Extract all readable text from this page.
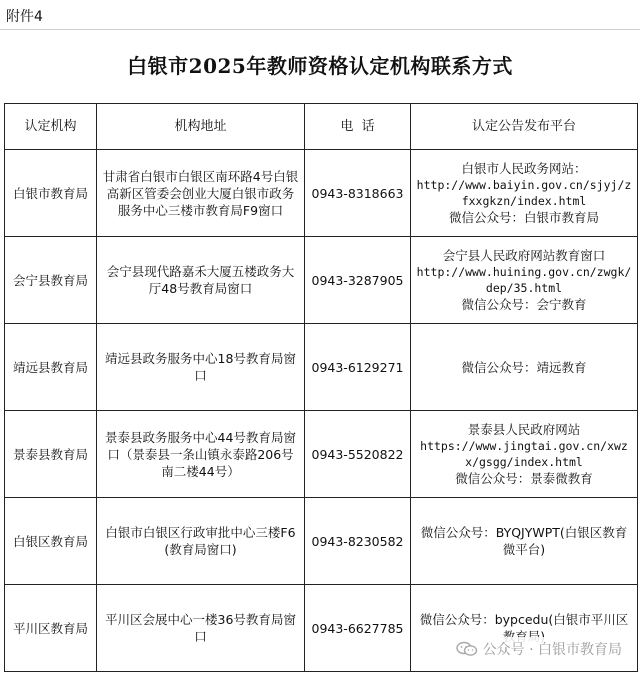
附件4
白银市2025年教师资格认定机构联系方式
认定机构	机构地址	电  话	认定公告发布平台
白银市教育局	甘肃省白银市白银区南环路4号白银高新区管委会创业大厦白银市政务服务中心三楼市教育局F9窗口	0943-8318663	白银市人民政务网站：
http://www.baiyin.gov.cn/sjyj/zfxxgkzn/index.html
微信公众号：白银市教育局

会宁县教育局	会宁县现代路嘉禾大厦五楼政务大厅48号教育局窗口	0943-3287905	会宁县人民政府网站教育窗口
http://www.huining.gov.cn/zwgk/dep/35.html
微信公众号：会宁教育

靖远县教育局	靖远县政务服务中心18号教育局窗口	0943-6129271	微信公众号：靖远教育

景泰县教育局	景泰县政务服务中心44号教育局窗口（景泰县一条山镇永泰路206号 南二楼44号）	0943-5520822	景泰县人民政府网站
https://www.jingtai.gov.cn/xwzx/gsgg/index.html
微信公众号：景泰微教育

白银区教育局	白银市白银区行政审批中心三楼F6(教育局窗口)	0943-8230582	微信公众号：BYQJYWPT(白银区教育微平台)

平川区教育局	平川区会展中心一楼36号教育局窗口	0943-6627785	微信公众号：bypcedu(白银市平川区
公众号 · 白银市教育局
